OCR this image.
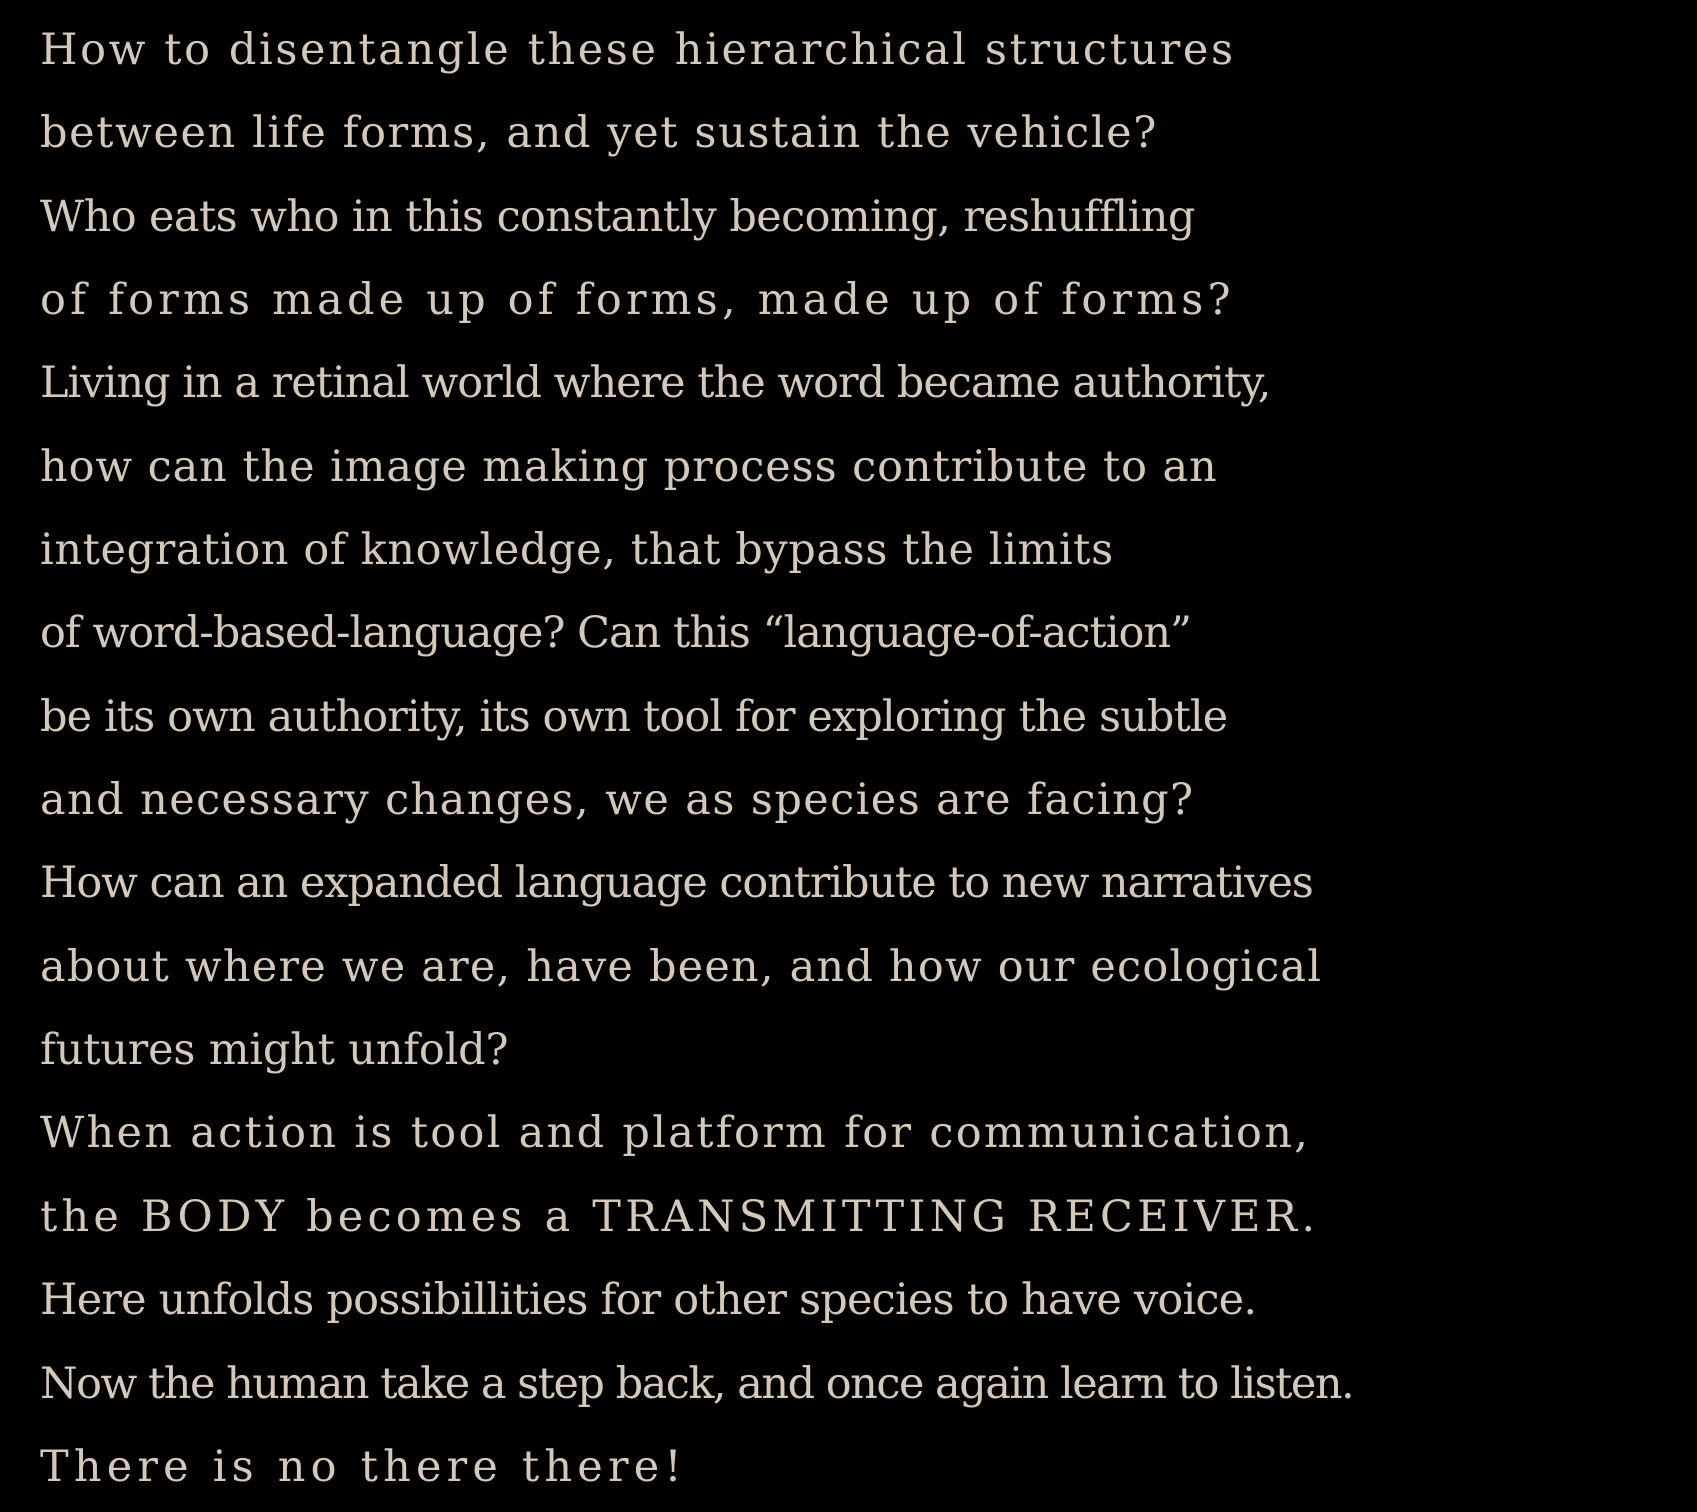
How to disentangle these hierarchical structures
between life forms, and yet sustain the vehicle?
Who eats who in this constantly becoming, reshuffling
of forms made up of forms, made up of forms?
Living in a retinal world where the word became authority,
how can the image making process contribute to an
integration of knowledge, that bypass the limits
of word-based-language? Can this “language-of-action”
be its own authority, its own tool for exploring the subtle
and necessary changes, we as species are facing?
How can an expanded language contribute to new narratives
about where we are, have been, and how our ecological
futures might unfold?
When action is tool and platform for communication,
the BODY becomes a TRANSMITTING RECEIVER.
Here unfolds possibillities for other species to have voice.
Now the human take a step back, and once again learn to listen.
There is no there there!
